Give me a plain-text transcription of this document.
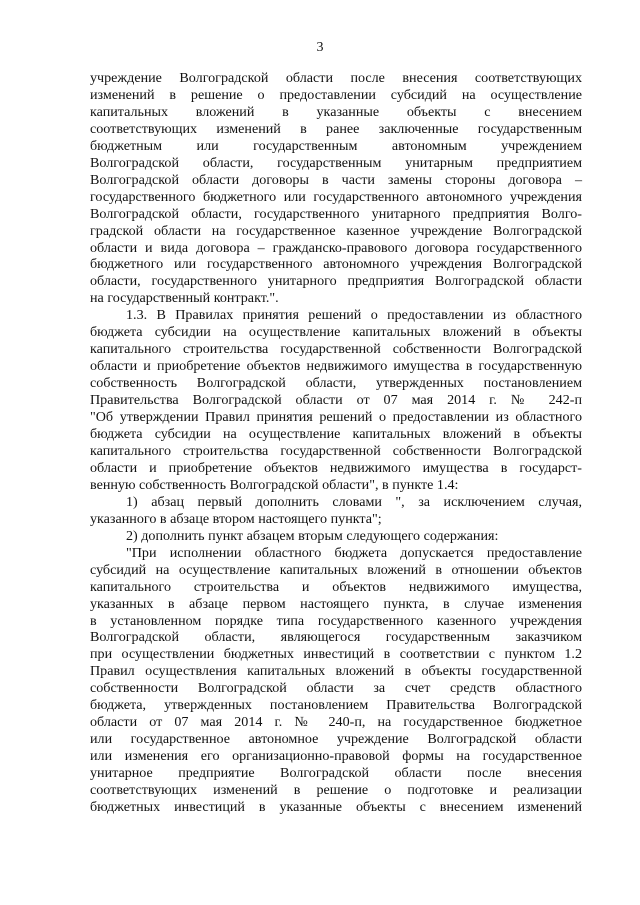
3
учреждение Волгоградской области после внесения соответствующих
изменений в решение о предоставлении субсидий на осуществление
капитальных вложений в указанные объекты с внесением
соответствующих изменений в ранее заключенные государственным
бюджетным или государственным автономным учреждением
Волгоградской области, государственным унитарным предприятием
Волгоградской области договоры в части замены стороны договора –
государственного бюджетного или государственного автономного учреждения
Волгоградской области, государственного унитарного предприятия Волго-
градской области на государственное казенное учреждение Волгоградской
области и вида договора – гражданско-правового договора государственного
бюджетного или государственного автономного учреждения Волгоградской
области, государственного унитарного предприятия Волгоградской области
на государственный контракт.".
1.3. В Правилах принятия решений о предоставлении из областного
бюджета субсидии на осуществление капитальных вложений в объекты
капитального строительства государственной собственности Волгоградской
области и приобретение объектов недвижимого имущества в государственную
собственность Волгоградской области, утвержденных постановлением
Правительства Волгоградской области от 07 мая 2014 г. № 242-п
"Об утверждении Правил принятия решений о предоставлении из областного
бюджета субсидии на осуществление капитальных вложений в объекты
капитального строительства государственной собственности Волгоградской
области и приобретение объектов недвижимого имущества в государст-
венную собственность Волгоградской области", в пункте 1.4:
1) абзац первый дополнить словами ", за исключением случая,
указанного в абзаце втором настоящего пункта";
2) дополнить пункт абзацем вторым следующего содержания:
"При исполнении областного бюджета допускается предоставление
субсидий на осуществление капитальных вложений в отношении объектов
капитального строительства и объектов недвижимого имущества,
указанных в абзаце первом настоящего пункта, в случае изменения
в установленном порядке типа государственного казенного учреждения
Волгоградской области, являющегося государственным заказчиком
при осуществлении бюджетных инвестиций в соответствии с пунктом 1.2
Правил осуществления капитальных вложений в объекты государственной
собственности Волгоградской области за счет средств областного
бюджета, утвержденных постановлением Правительства Волгоградской
области от 07 мая 2014 г. № 240-п, на государственное бюджетное
или государственное автономное учреждение Волгоградской области
или изменения его организационно-правовой формы на государственное
унитарное предприятие Волгоградской области после внесения
соответствующих изменений в решение о подготовке и реализации
бюджетных инвестиций в указанные объекты с внесением изменений
